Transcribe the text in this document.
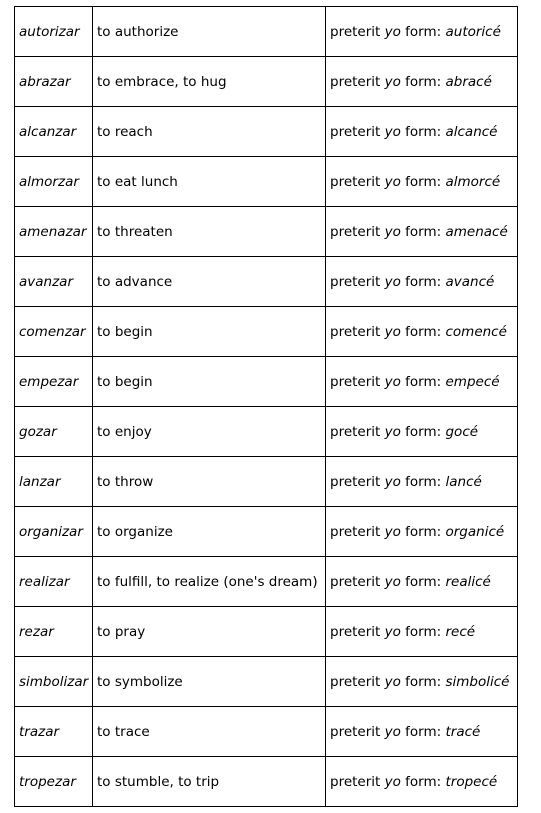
autorizar	to authorize	preterit yo form: autoricé
abrazar	to embrace, to hug	preterit yo form: abracé
alcanzar	to reach	preterit yo form: alcancé
almorzar	to eat lunch	preterit yo form: almorcé
amenazar	to threaten	preterit yo form: amenacé
avanzar	to advance	preterit yo form: avancé
comenzar	to begin	preterit yo form: comencé
empezar	to begin	preterit yo form: empecé
gozar	to enjoy	preterit yo form: gocé
lanzar	to throw	preterit yo form: lancé
organizar	to organize	preterit yo form: organicé
realizar	to fulfill, to realize (one's dream)	preterit yo form: realicé
rezar	to pray	preterit yo form: recé
simbolizar	to symbolize	preterit yo form: simbolicé
trazar	to trace	preterit yo form: tracé
tropezar	to stumble, to trip	preterit yo form: tropecé
